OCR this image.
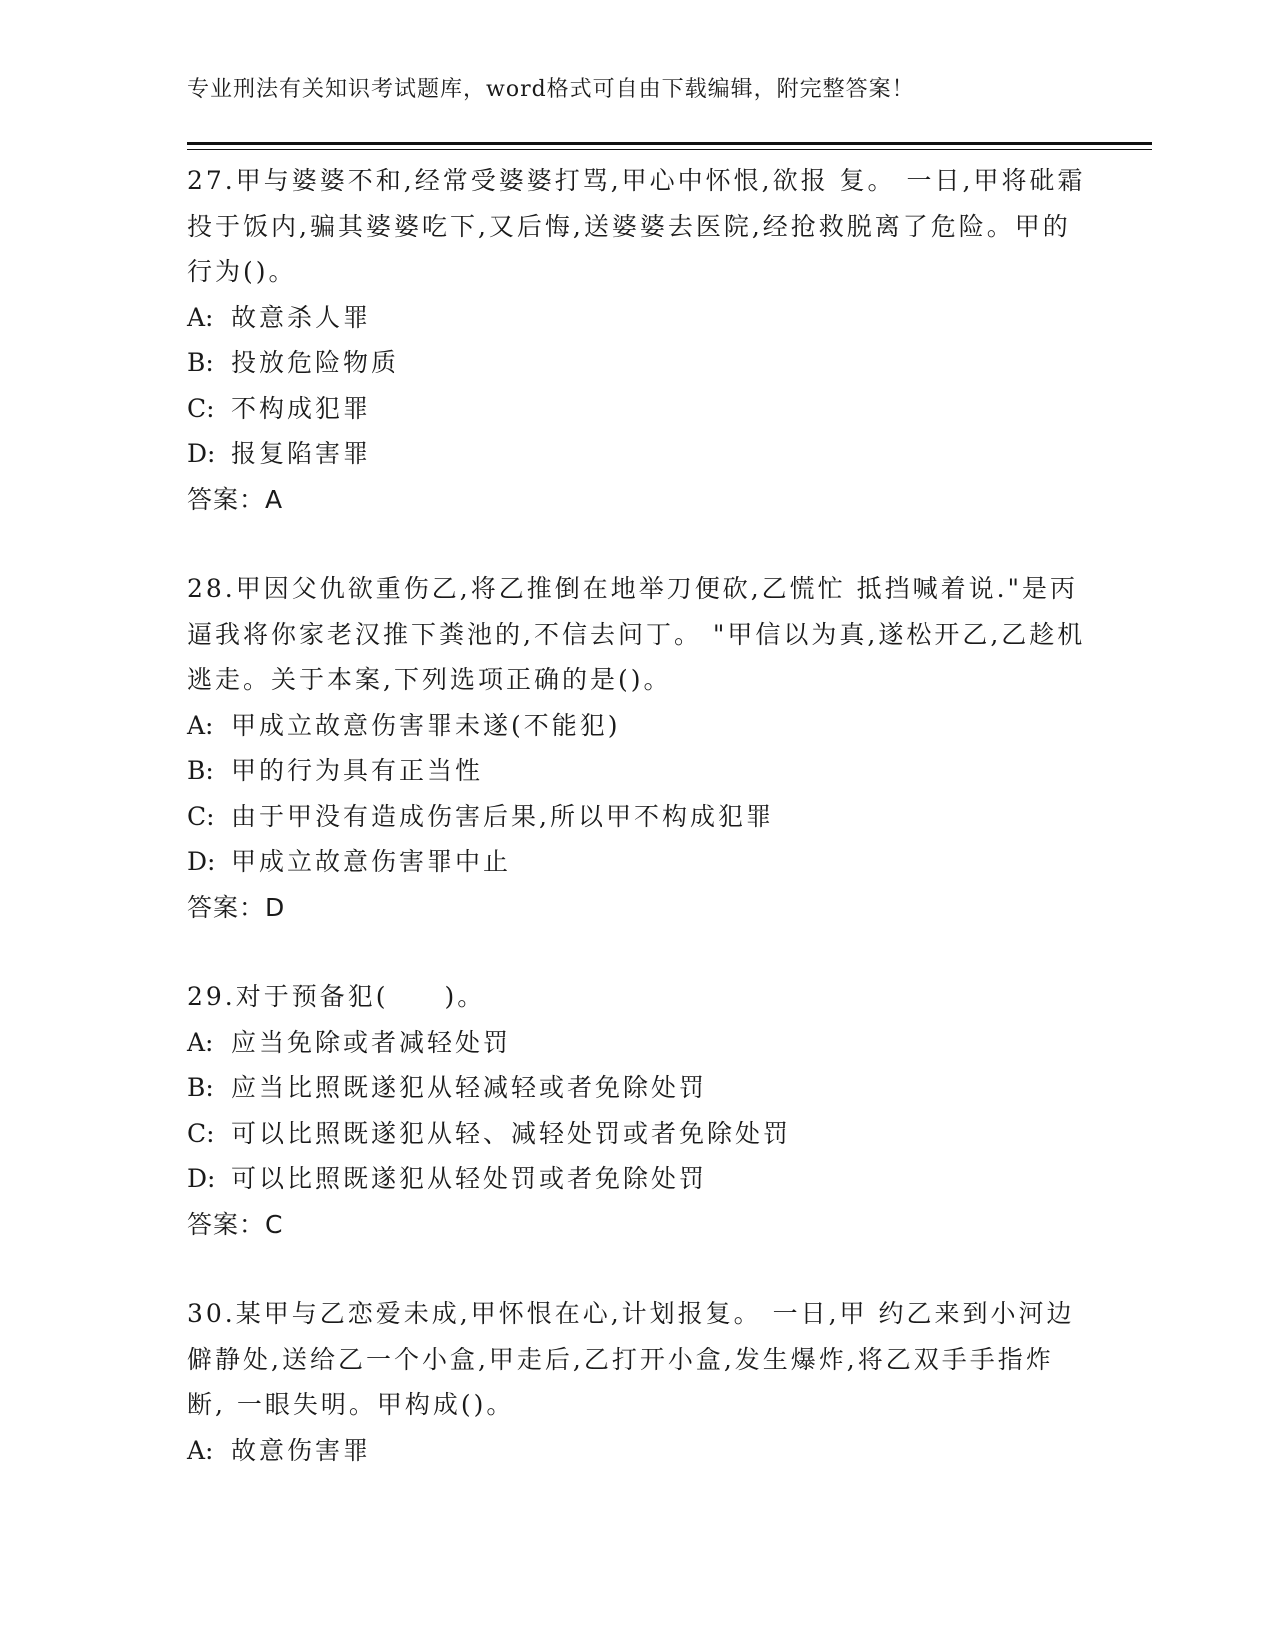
专业刑法有关知识考试题库，word格式可自由下载编辑，附完整答案！
27.甲与婆婆不和,经常受婆婆打骂,甲心中怀恨,欲报 复。 一日,甲将砒霜投于饭内,骗其婆婆吃下,又后悔,送婆婆去医院,经抢救脱离了危险。甲的行为()。
A: 故意杀人罪
B: 投放危险物质
C: 不构成犯罪
D: 报复陷害罪
答案：A
28.甲因父仇欲重伤乙,将乙推倒在地举刀便砍,乙慌忙 抵挡喊着说."是丙逼我将你家老汉推下粪池的,不信去问丁。 "甲信以为真,遂松开乙,乙趁机逃走。关于本案,下列选项正确的是()。
A: 甲成立故意伤害罪未遂(不能犯)
B: 甲的行为具有正当性
C: 由于甲没有造成伤害后果,所以甲不构成犯罪
D: 甲成立故意伤害罪中止
答案：D
29.对于预备犯(　　)。
A: 应当免除或者减轻处罚
B: 应当比照既遂犯从轻减轻或者免除处罚
C: 可以比照既遂犯从轻、减轻处罚或者免除处罚
D: 可以比照既遂犯从轻处罚或者免除处罚
答案：C
30.某甲与乙恋爱未成,甲怀恨在心,计划报复。 一日,甲 约乙来到小河边僻静处,送给乙一个小盒,甲走后,乙打开小盒,发生爆炸,将乙双手手指炸断, 一眼失明。甲构成()。
A: 故意伤害罪
